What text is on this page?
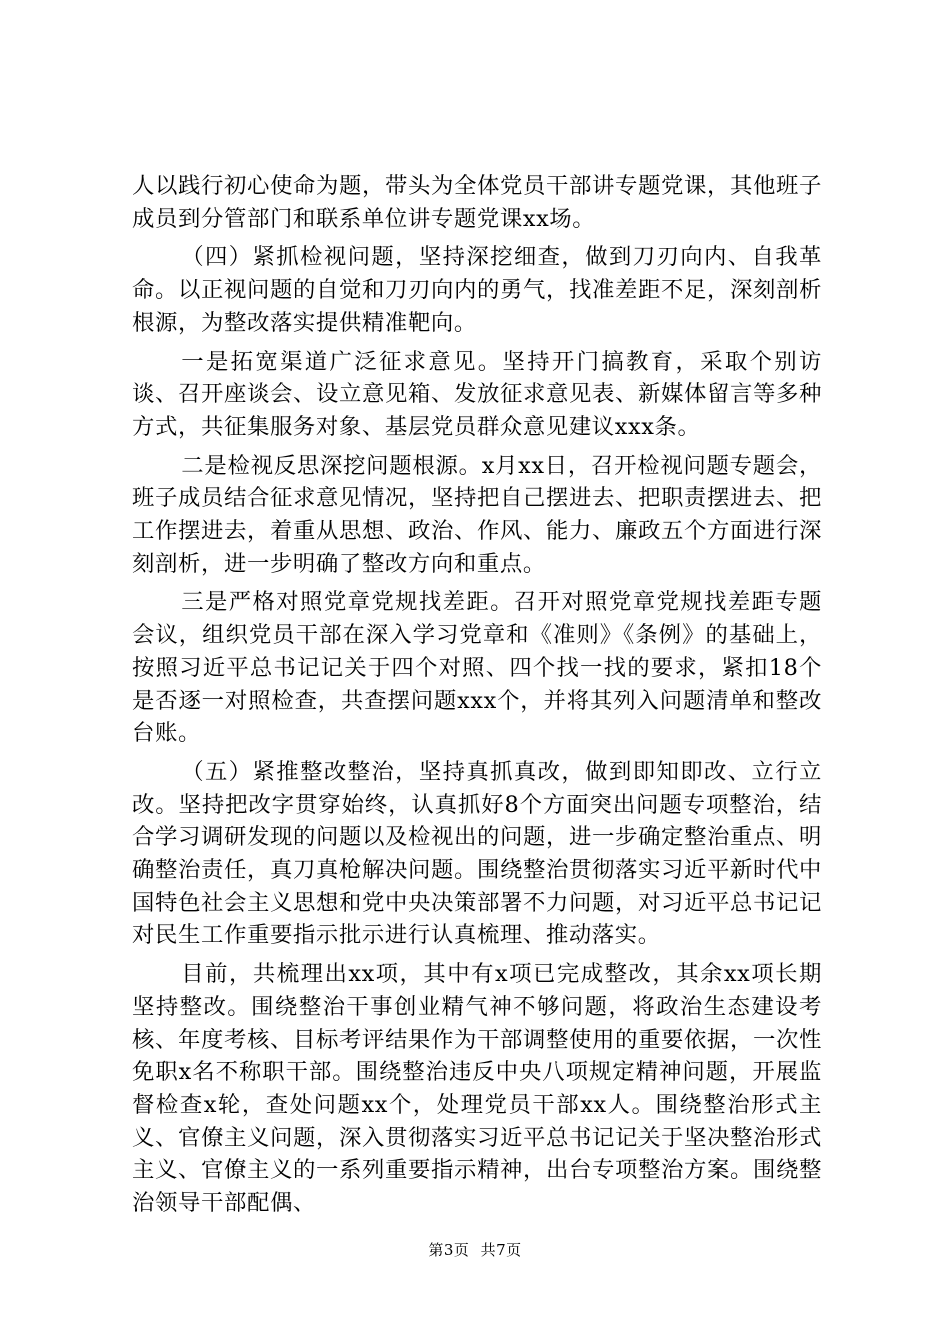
人以践行初心使命为题，带头为全体党员干部讲专题党课，其他班子成员到分管部门和联系单位讲专题党课xx场。

（四）紧抓检视问题，坚持深挖细查，做到刀刃向内、自我革命。以正视问题的自觉和刀刃向内的勇气，找准差距不足，深刻剖析根源，为整改落实提供精准靶向。

一是拓宽渠道广泛征求意见。坚持开门搞教育，采取个别访谈、召开座谈会、设立意见箱、发放征求意见表、新媒体留言等多种方式，共征集服务对象、基层党员群众意见建议xxx条。

二是检视反思深挖问题根源。x月xx日，召开检视问题专题会，班子成员结合征求意见情况，坚持把自己摆进去、把职责摆进去、把工作摆进去，着重从思想、政治、作风、能力、廉政五个方面进行深刻剖析，进一步明确了整改方向和重点。

三是严格对照党章党规找差距。召开对照党章党规找差距专题会议，组织党员干部在深入学习党章和《准则》《条例》的基础上，按照习近平总书记记关于四个对照、四个找一找的要求，紧扣18个是否逐一对照检查，共查摆问题xxx个，并将其列入问题清单和整改台账。

（五）紧推整改整治，坚持真抓真改，做到即知即改、立行立改。坚持把改字贯穿始终，认真抓好8个方面突出问题专项整治，结合学习调研发现的问题以及检视出的问题，进一步确定整治重点、明确整治责任，真刀真枪解决问题。围绕整治贯彻落实习近平新时代中国特色社会主义思想和党中央决策部署不力问题，对习近平总书记记对民生工作重要指示批示进行认真梳理、推动落实。

目前，共梳理出xx项，其中有x项已完成整改，其余xx项长期坚持整改。围绕整治干事创业精气神不够问题，将政治生态建设考核、年度考核、目标考评结果作为干部调整使用的重要依据，一次性免职x名不称职干部。围绕整治违反中央八项规定精神问题，开展监督检查x轮，查处问题xx个，处理党员干部xx人。围绕整治形式主义、官僚主义问题，深入贯彻落实习近平总书记记关于坚决整治形式主义、官僚主义的一系列重要指示精神，出台专项整治方案。围绕整治领导干部配偶、

第3页 共7页
